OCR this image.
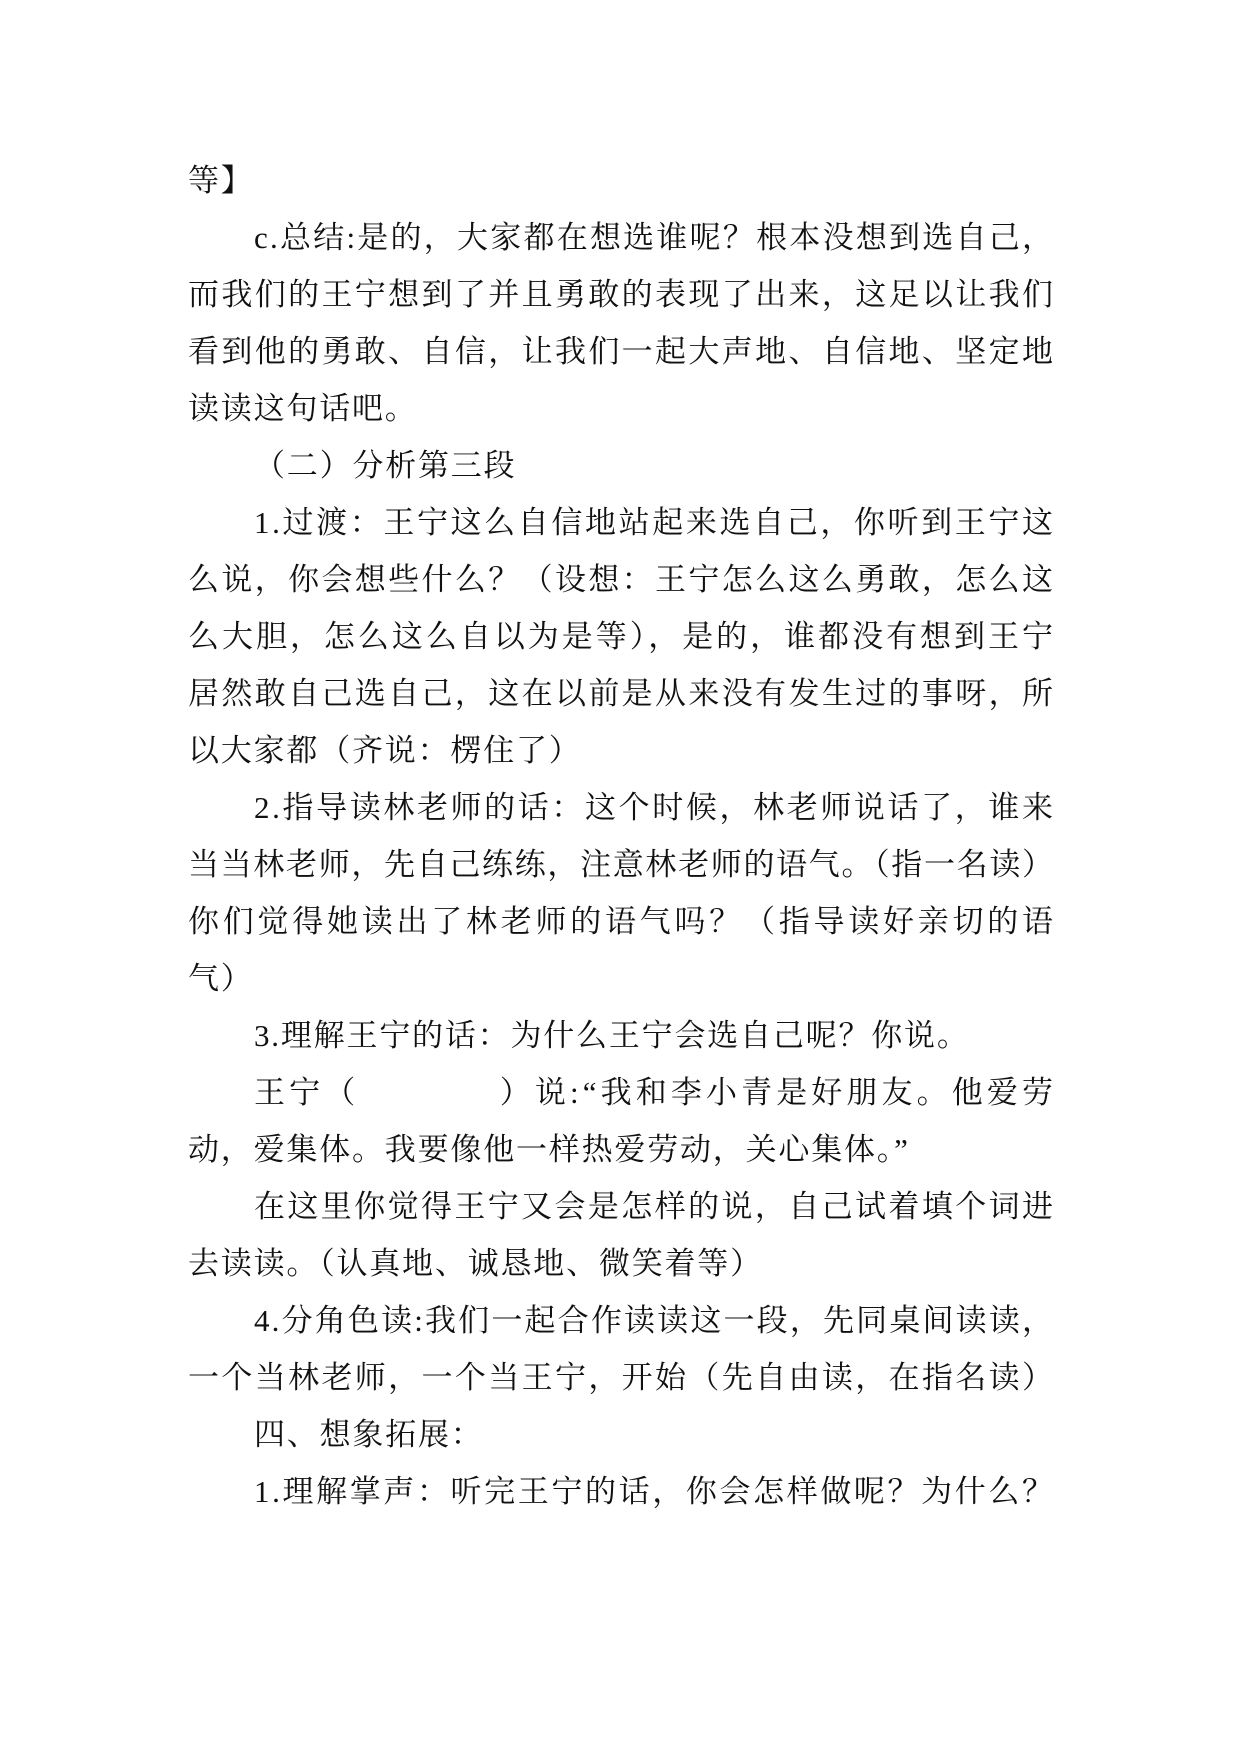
等】
c.总结:是的，大家都在想选谁呢？根本没想到选自己，
而我们的王宁想到了并且勇敢的表现了出来，这足以让我们
看到他的勇敢、自信，让我们一起大声地、自信地、坚定地
读读这句话吧。
（二）分析第三段
1.过渡：王宁这么自信地站起来选自己，你听到王宁这
么说，你会想些什么？（设想：王宁怎么这么勇敢，怎么这
么大胆，怎么这么自以为是等），是的，谁都没有想到王宁
居然敢自己选自己，这在以前是从来没有发生过的事呀，所
以大家都（齐说：楞住了）
2.指导读林老师的话：这个时候，林老师说话了，谁来
当当林老师，先自己练练，注意林老师的语气。（指一名读）
你们觉得她读出了林老师的语气吗？（指导读好亲切的语
气）
3.理解王宁的话：为什么王宁会选自己呢？你说。
王宁（　　　　）说:“我和李小青是好朋友。他爱劳
动，爱集体。我要像他一样热爱劳动，关心集体。”
在这里你觉得王宁又会是怎样的说，自己试着填个词进
去读读。（认真地、诚恳地、微笑着等）
4.分角色读:我们一起合作读读这一段，先同桌间读读，
一个当林老师，一个当王宁，开始（先自由读，在指名读）
四、想象拓展：
1.理解掌声：听完王宁的话，你会怎样做呢？为什么？
